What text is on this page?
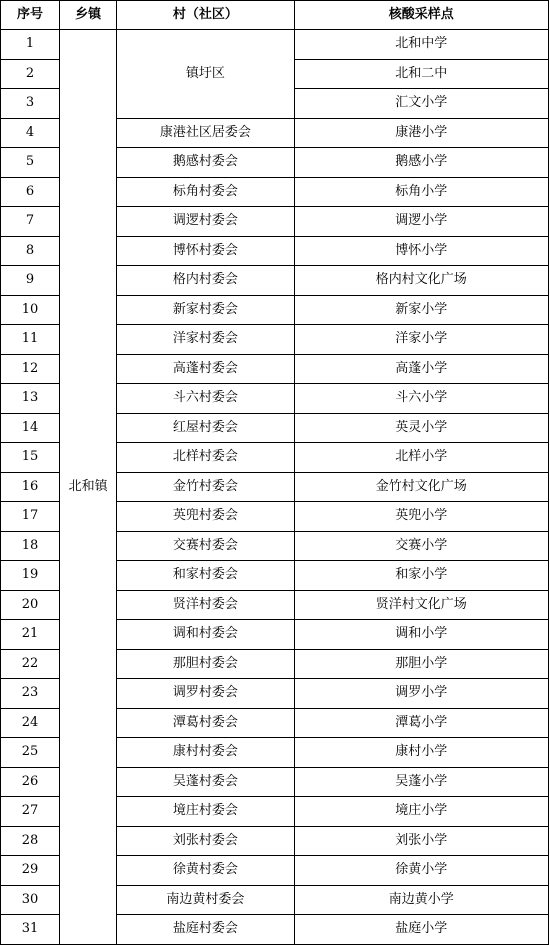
序号	乡镇	村（社区）	核酸采样点
1	北和镇	镇圩区	北和中学
2			北和二中
3			汇文小学
4		康港社区居委会	康港小学
5		鹅感村委会	鹅感小学
6		标角村委会	标角小学
7		调逻村委会	调逻小学
8		博怀村委会	博怀小学
9		格内村委会	格内村文化广场
10		新家村委会	新家小学
11		洋家村委会	洋家小学
12		高蓬村委会	高蓬小学
13		斗六村委会	斗六小学
14		红屋村委会	英灵小学
15		北样村委会	北样小学
16		金竹村委会	金竹村文化广场
17		英兜村委会	英兜小学
18		交赛村委会	交赛小学
19		和家村委会	和家小学
20		贤洋村委会	贤洋村文化广场
21		调和村委会	调和小学
22		那胆村委会	那胆小学
23		调罗村委会	调罗小学
24		潭葛村委会	潭葛小学
25		康村村委会	康村小学
26		吴蓬村委会	吴蓬小学
27		境庄村委会	境庄小学
28		刘张村委会	刘张小学
29		徐黄村委会	徐黄小学
30		南边黄村委会	南边黄小学
31		盐庭村委会	盐庭小学
